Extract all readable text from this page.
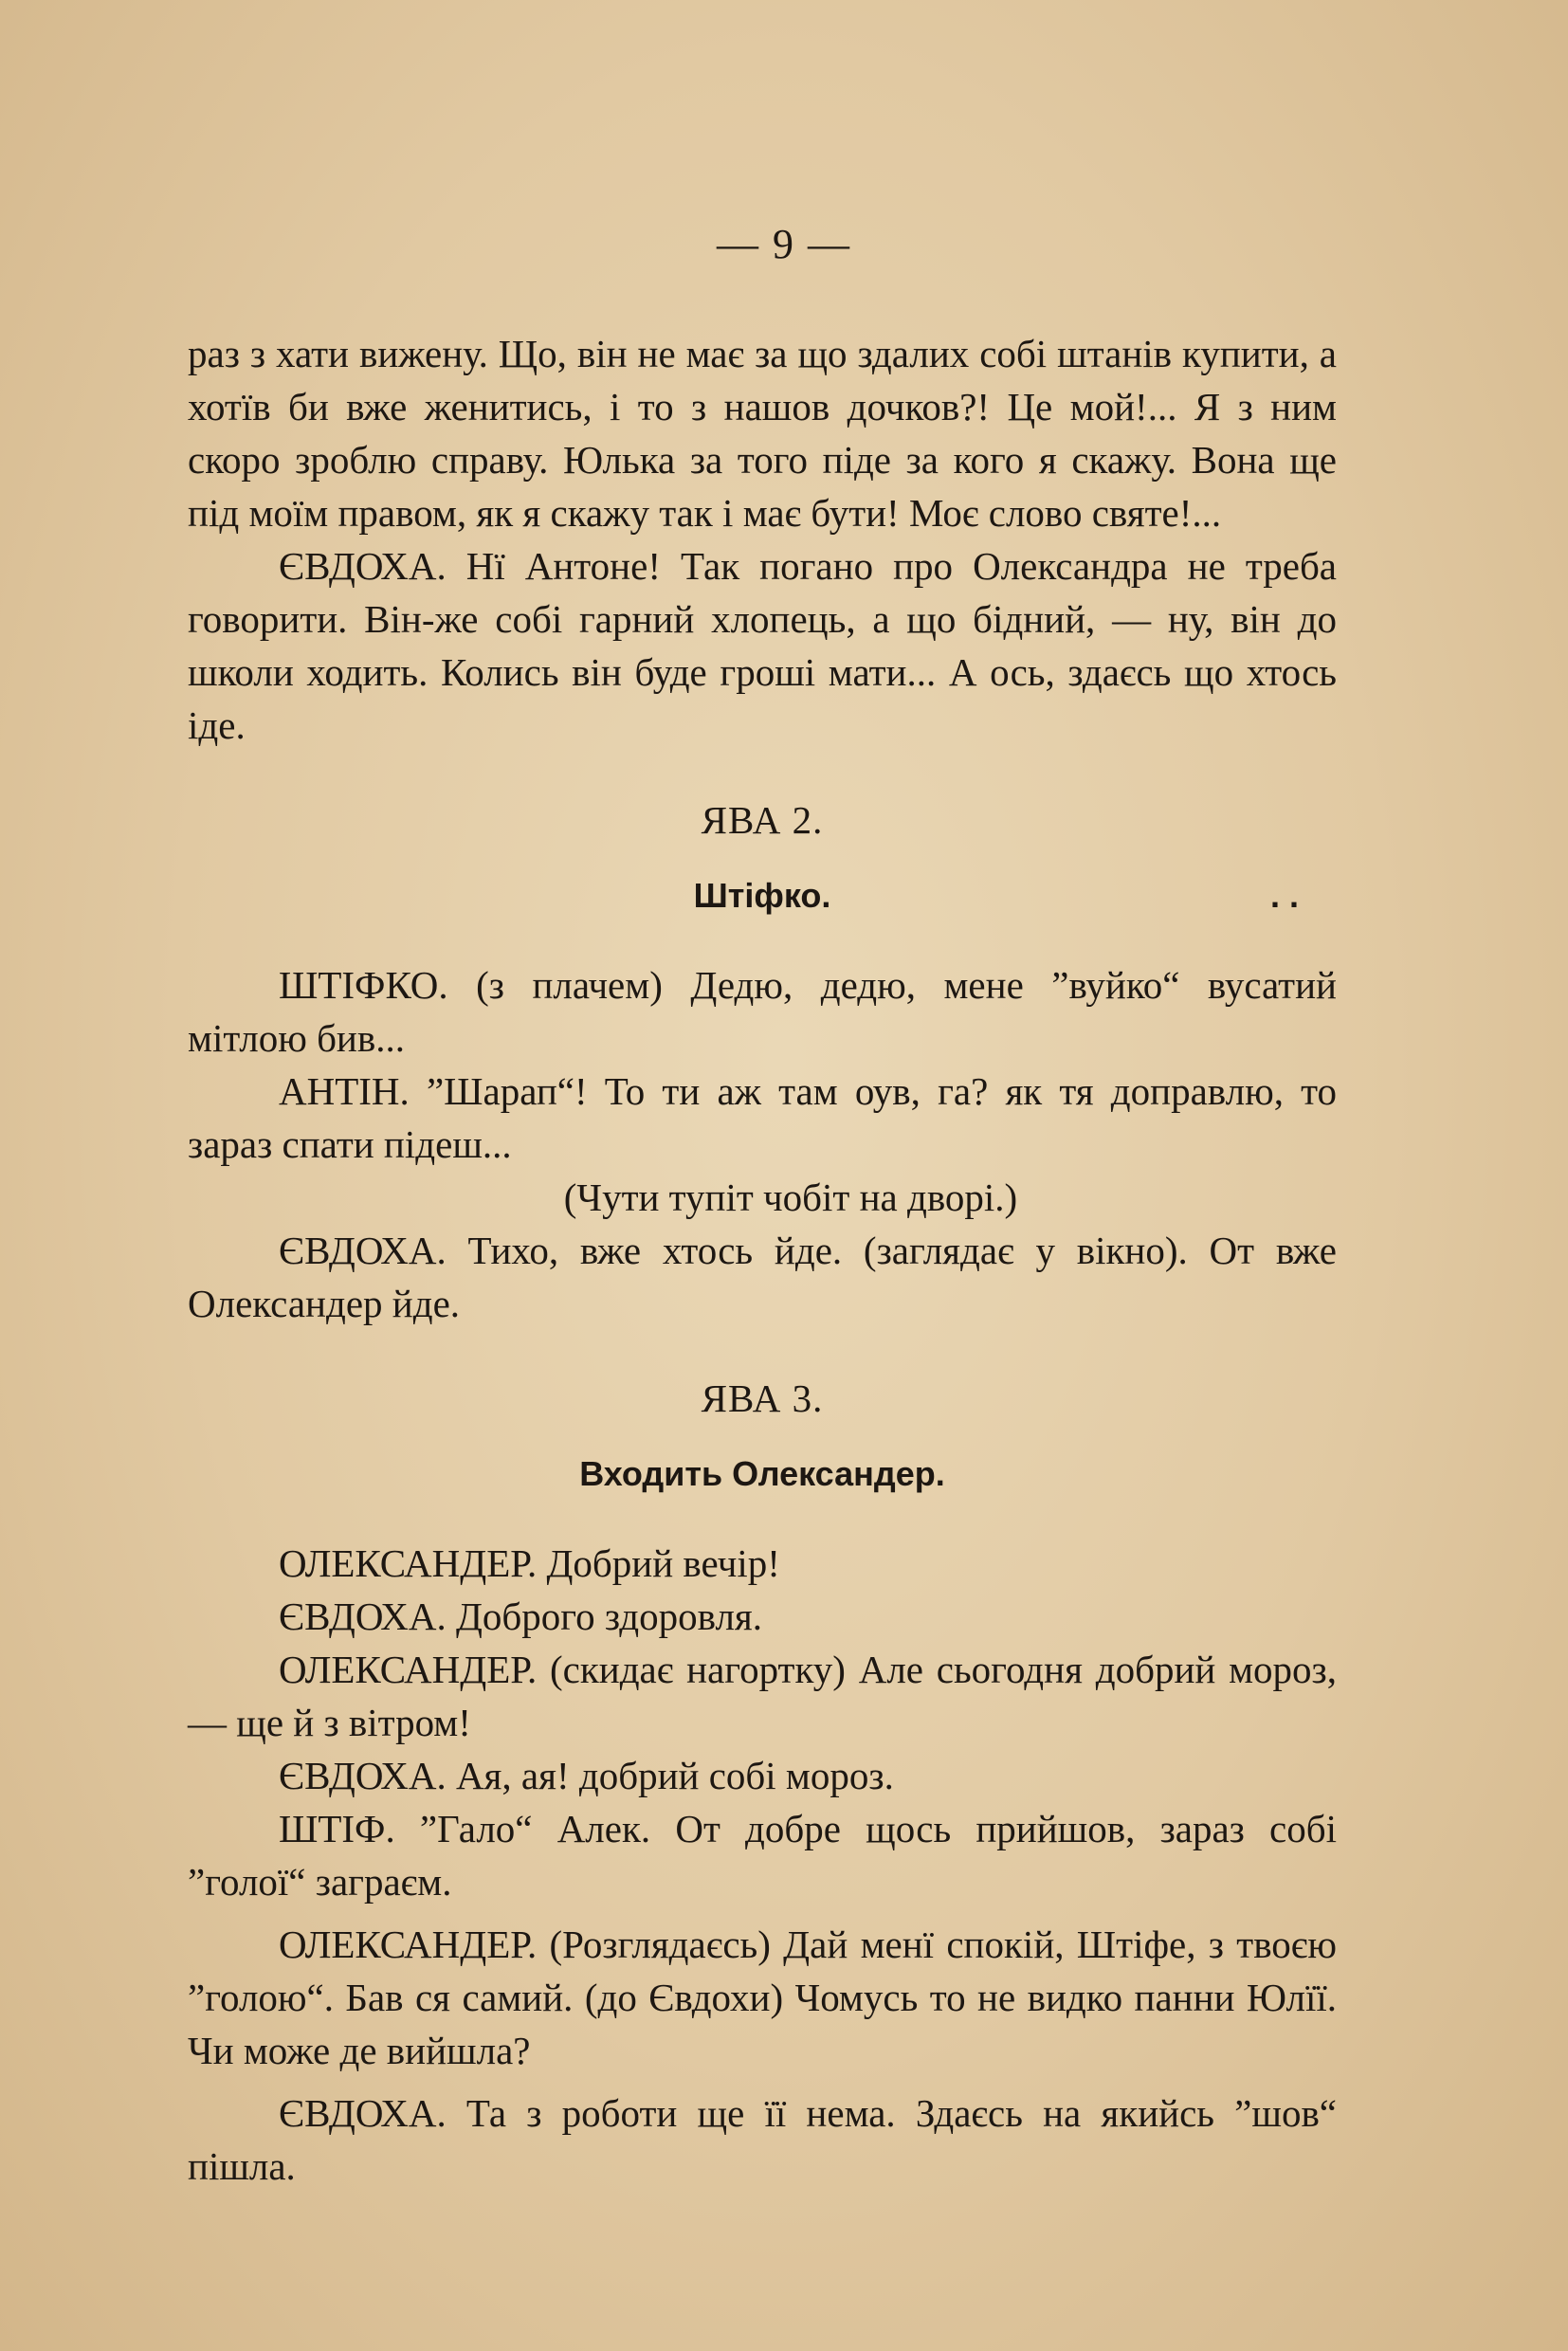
— 9 —

раз з хати вижену. Що, він не має за що здалих собі штанів купити, а хотїв би вже женитись, і то з нашов дочков?! Це мой!... Я з ним скоро зроблю справу. Юлька за того піде за кого я скажу. Вона ще під моїм правом, як я скажу так і має бути! Моє слово святе!...

ЄВДОХА. Нї Антоне! Так погано про Олександра не треба говорити. Він-же собі гарний хлопець, а що бідний, — ну, він до школи ходить. Колись він буде гроші мати... А ось, здаєсь що хтось іде.

ЯВА 2.
Штіфко.	. .

ШТІФКО. (з плачем) Дедю, дедю, мене ”вуйко“ вусатий мітлою бив...

АНТІН. ”Шарап“! То ти аж там оув, га? як тя доправлю, то зараз спати підеш...

(Чути тупіт чобіт на дворі.)

ЄВДОХА. Тихо, вже хтось йде. (заглядає у вікно). От вже Олександер йде.

ЯВА 3.
Входить Олександер.

ОЛЕКСАНДЕР. Добрий вечір!

ЄВДОХА. Доброго здоровля.

ОЛЕКСАНДЕР. (скидає нагортку) Але сьогодня добрий мороз, — ще й з вітром!

ЄВДОХА. Ая, ая! добрий собі мороз.

ШТІФ. ”Гало“ Алек. От добре щось прийшов, зараз собі ”голої“ заграєм.

ОЛЕКСАНДЕР. (Розглядаєсь) Дай менї спокій, Штіфе, з твоєю ”голою“. Бав ся самий. (до Євдохи) Чомусь то не видко панни Юлїї. Чи може де вийшла?

ЄВДОХА. Та з роботи ще її нема. Здаєсь на якийсь ”шов“ пішла.
